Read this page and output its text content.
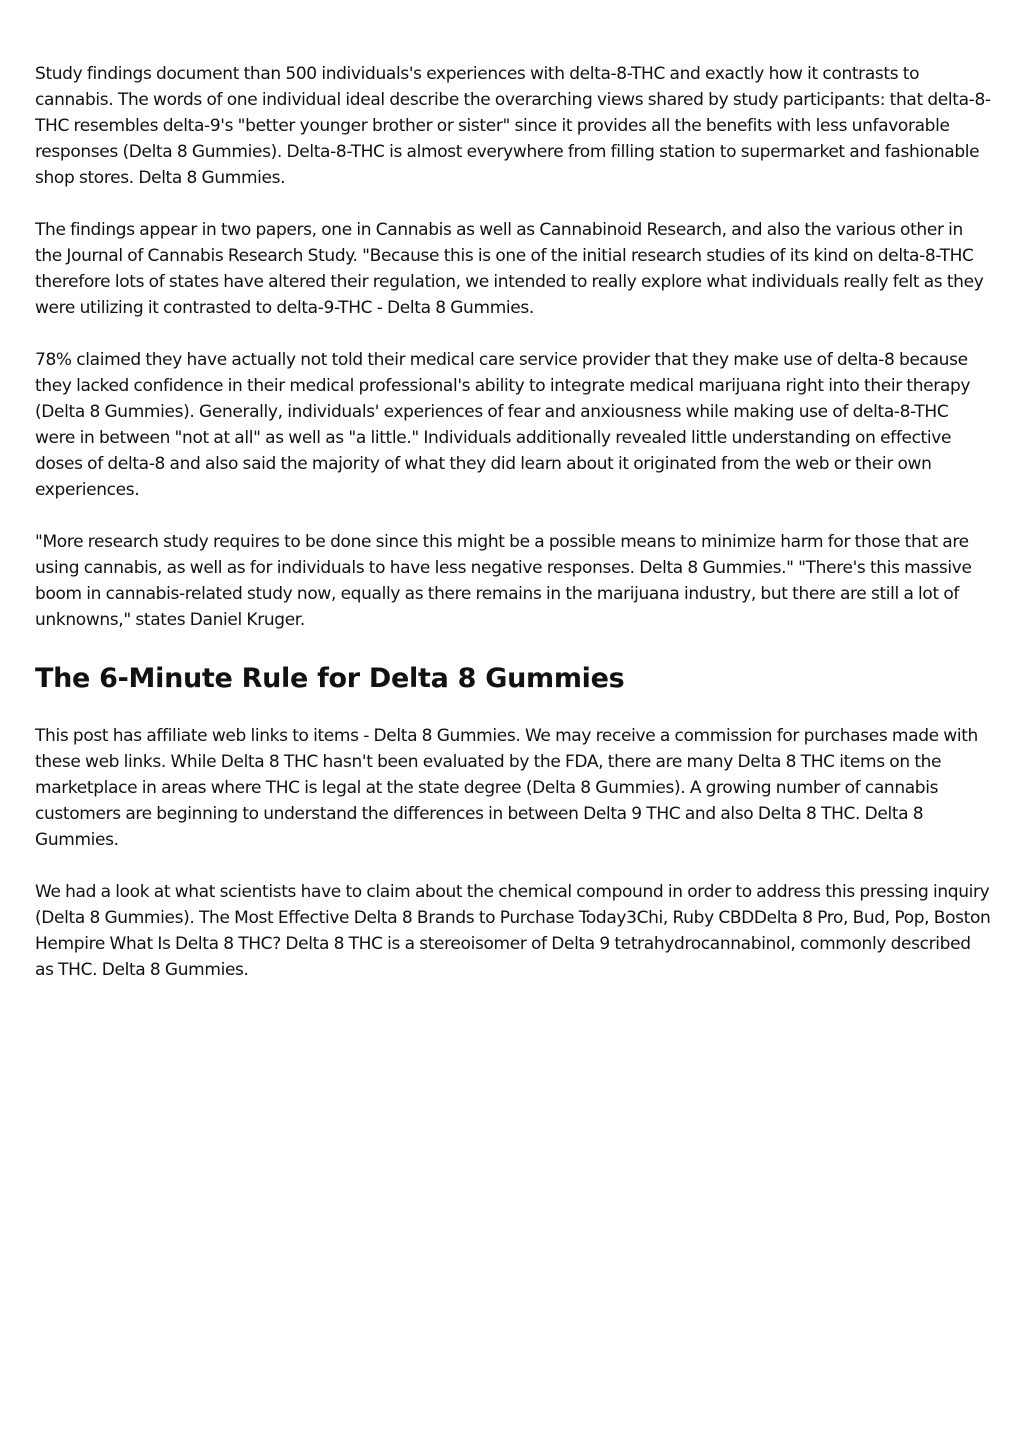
Study findings document than 500 individuals's experiences with delta-8-THC and exactly how it contrasts to cannabis. The words of one individual ideal describe the overarching views shared by study participants: that delta-8-THC resembles delta-9's "better younger brother or sister" since it provides all the benefits with less unfavorable responses (Delta 8 Gummies). Delta-8-THC is almost everywhere from filling station to supermarket and fashionable shop stores. Delta 8 Gummies.

The findings appear in two papers, one in Cannabis as well as Cannabinoid Research, and also the various other in the Journal of Cannabis Research Study. "Because this is one of the initial research studies of its kind on delta-8-THC therefore lots of states have altered their regulation, we intended to really explore what individuals really felt as they were utilizing it contrasted to delta-9-THC - Delta 8 Gummies.

78% claimed they have actually not told their medical care service provider that they make use of delta-8 because they lacked confidence in their medical professional's ability to integrate medical marijuana right into their therapy (Delta 8 Gummies). Generally, individuals' experiences of fear and anxiousness while making use of delta-8-THC were in between "not at all" as well as "a little." Individuals additionally revealed little understanding on effective doses of delta-8 and also said the majority of what they did learn about it originated from the web or their own experiences.

"More research study requires to be done since this might be a possible means to minimize harm for those that are using cannabis, as well as for individuals to have less negative responses. Delta 8 Gummies." "There's this massive boom in cannabis-related study now, equally as there remains in the marijuana industry, but there are still a lot of unknowns," states Daniel Kruger.

The 6-Minute Rule for Delta 8 Gummies

This post has affiliate web links to items - Delta 8 Gummies. We may receive a commission for purchases made with these web links. While Delta 8 THC hasn't been evaluated by the FDA, there are many Delta 8 THC items on the marketplace in areas where THC is legal at the state degree (Delta 8 Gummies). A growing number of cannabis customers are beginning to understand the differences in between Delta 9 THC and also Delta 8 THC. Delta 8 Gummies.

We had a look at what scientists have to claim about the chemical compound in order to address this pressing inquiry (Delta 8 Gummies). The Most Effective Delta 8 Brands to Purchase Today3Chi, Ruby CBDDelta 8 Pro, Bud, Pop, Boston Hempire What Is Delta 8 THC? Delta 8 THC is a stereoisomer of Delta 9 tetrahydrocannabinol, commonly described as THC. Delta 8 Gummies.
